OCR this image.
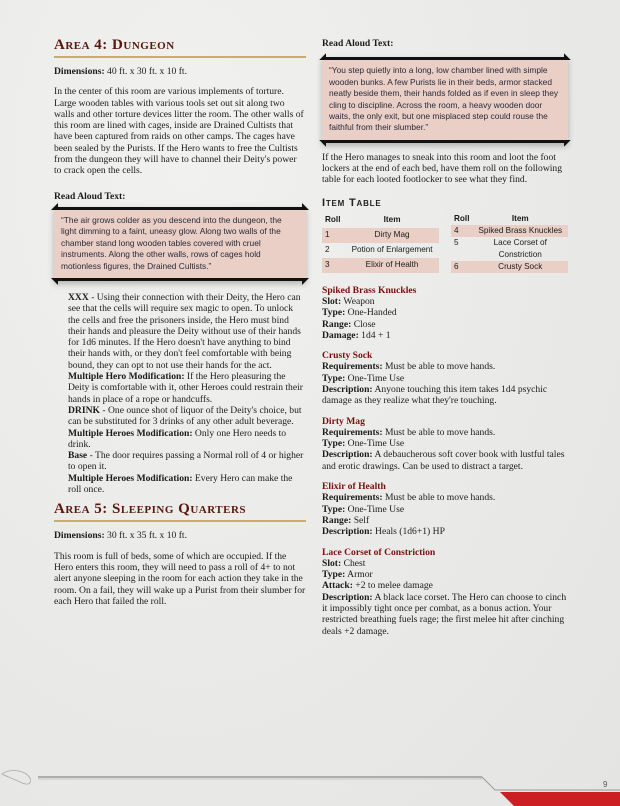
Area 4: Dungeon

Dimensions: 40 ft. x 30 ft. x 10 ft.

In the center of this room are various implements of torture. Large wooden tables with various tools set out sit along two walls and other torture devices litter the room. The other walls of this room are lined with cages, inside are Drained Cultists that have been captured from raids on other camps. The cages have been sealed by the Purists. If the Hero wants to free the Cultists from the dungeon they will have to channel their Deity's power to crack open the cells.

Read Aloud Text:

“The air grows colder as you descend into the dungeon, the light dimming to a faint, uneasy glow. Along two walls of the chamber stand long wooden tables covered with cruel instruments. Along the other walls, rows of cages hold motionless figures, the Drained Cultists.”

XXX - Using their connection with their Deity, the Hero can see that the cells will require sex magic to open. To unlock the cells and free the prisoners inside, the Hero must bind their hands and pleasure the Deity without use of their hands for 1d6 minutes. If the Hero doesn't have anything to bind their hands with, or they don't feel comfortable with being bound, they can opt to not use their hands for the act.

Multiple Hero Modification: If the Hero pleasuring the Deity is comfortable with it, other Heroes could restrain their hands in place of a rope or handcuffs.

DRINK - One ounce shot of liquor of the Deity's choice, but can be substituted for 3 drinks of any other adult beverage.

Multiple Heroes Modification: Only one Hero needs to drink.

Base - The door requires passing a Normal roll of 4 or higher to open it.

Multiple Heroes Modification: Every Hero can make the roll once.

Area 5: Sleeping Quarters

Dimensions: 30 ft. x 35 ft. x 10 ft.

This room is full of beds, some of which are occupied. If the Hero enters this room, they will need to pass a roll of 4+ to not alert anyone sleeping in the room for each action they take in the room. On a fail, they will wake up a Purist from their slumber for each Hero that failed the roll.

Read Aloud Text:

“You step quietly into a long, low chamber lined with simple wooden bunks. A few Purists lie in their beds, armor stacked neatly beside them, their hands folded as if even in sleep they cling to discipline. Across the room, a heavy wooden door waits, the only exit, but one misplaced step could rouse the faithful from their slumber.”

If the Hero manages to sneak into this room and loot the foot lockers at the end of each bed, have them roll on the following table for each looted footlocker to see what they find.

Item Table
Roll	Item
1	Dirty Mag
2	Potion of Enlargement
3	Elixir of Health
Roll	Item
4	Spiked Brass Knuckles
5	Lace Corset of Constriction
6	Crusty Sock

Spiked Brass Knuckles

Slot: Weapon

Type: One-Handed

Range: Close

Damage: 1d4 + 1

Crusty Sock

Requirements: Must be able to move hands.

Type: One-Time Use

Description: Anyone touching this item takes 1d4 psychic damage as they realize what they're touching.

Dirty Mag

Requirements: Must be able to move hands.

Type: One-Time Use

Description: A debaucherous soft cover book with lustful tales and erotic drawings. Can be used to distract a target.

Elixir of Health

Requirements: Must be able to move hands.

Type: One-Time Use

Range: Self

Description: Heals (1d6+1) HP

Lace Corset of Constriction

Slot: Chest

Type: Armor

Attack: +2 to melee damage

Description: A black lace corset. The Hero can choose to cinch it impossibly tight once per combat, as a bonus action. Your restricted breathing fuels rage; the first melee hit after cinching deals +2 damage.

9
